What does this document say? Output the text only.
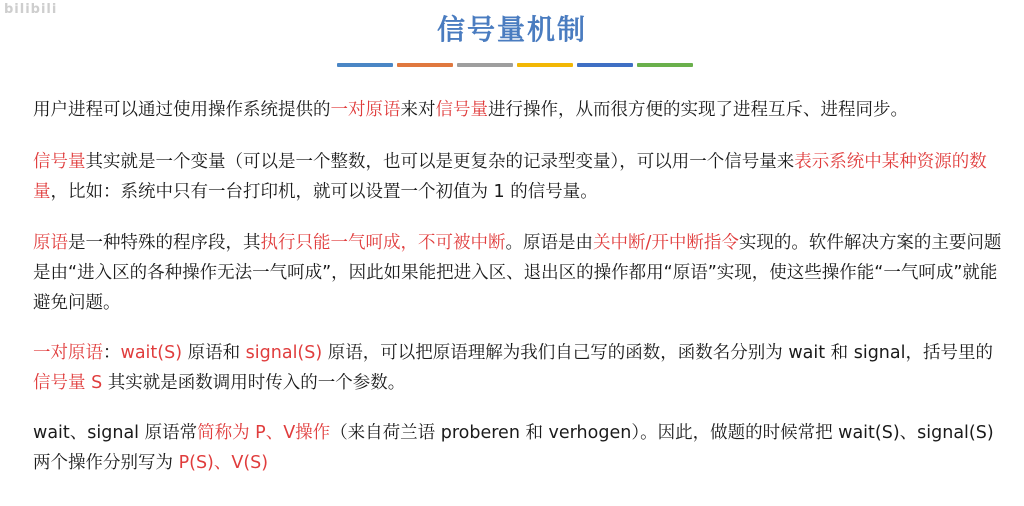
bilibili
信号量机制

用户进程可以通过使用操作系统提供的一对原语来对信号量进行操作，从而很方便的实现了进程互斥、进程同步。

信号量其实就是一个变量（可以是一个整数，也可以是更复杂的记录型变量），可以用一个信号量来表示系统中某种资源的数量，比如：系统中只有一台打印机，就可以设置一个初值为 1 的信号量。

原语是一种特殊的程序段，其执行只能一气呵成，不可被中断。原语是由关中断/开中断指令实现的。软件解决方案的主要问题是由“进入区的各种操作无法一气呵成”，因此如果能把进入区、退出区的操作都用“原语”实现，使这些操作能“一气呵成”就能避免问题。

一对原语：wait(S) 原语和 signal(S) 原语，可以把原语理解为我们自己写的函数，函数名分别为 wait 和 signal，括号里的信号量 S 其实就是函数调用时传入的一个参数。

wait、signal 原语常简称为 P、V操作（来自荷兰语 proberen 和 verhogen）。因此，做题的时候常把 wait(S)、signal(S) 两个操作分别写为 P(S)、V(S)
